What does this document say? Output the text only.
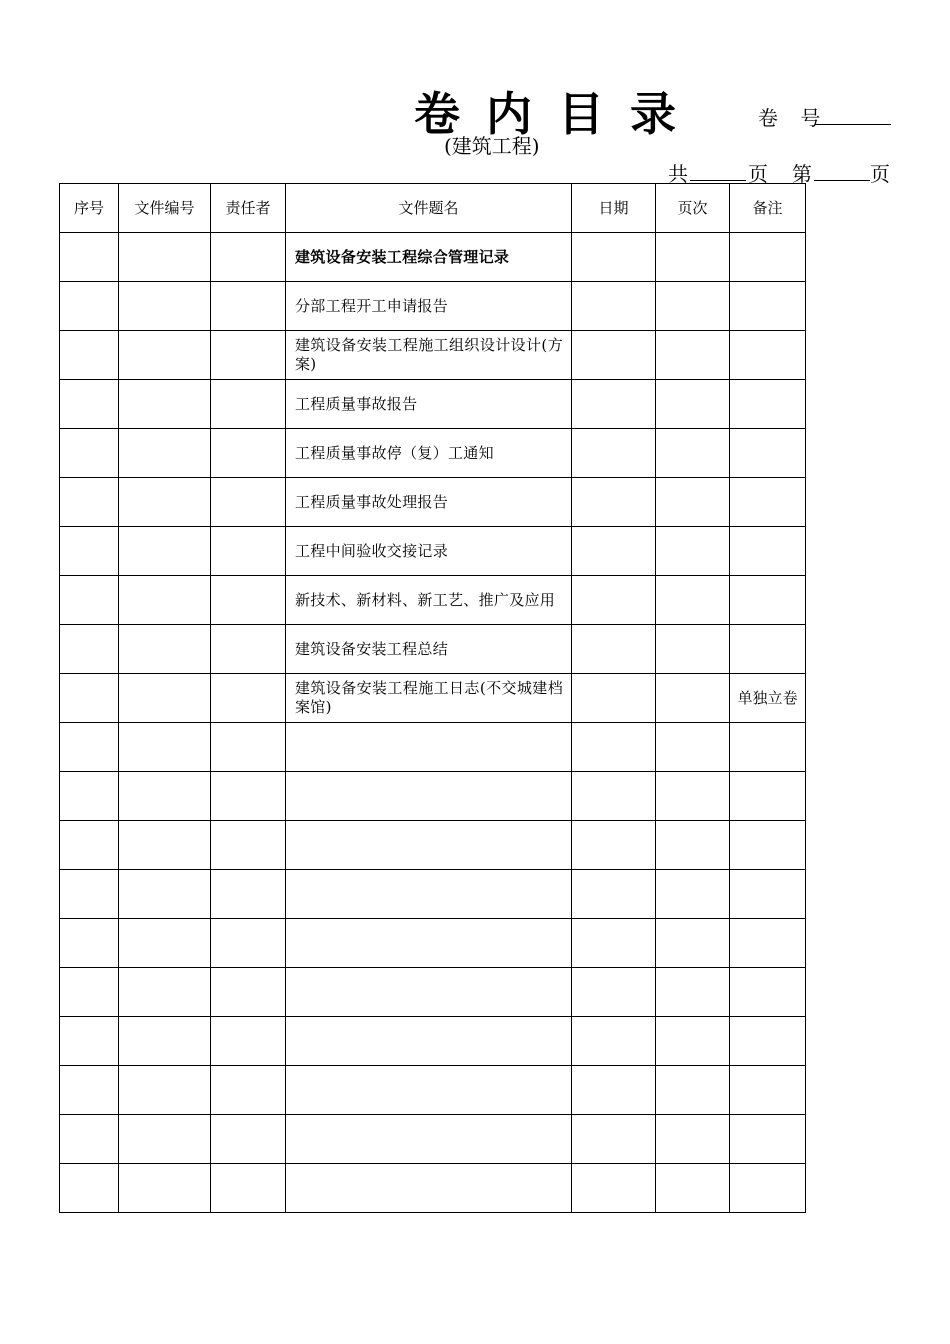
卷内目录	卷 号
(建筑工程)
共	页 第	页
序号	文件编号	责任者	文件题名	日期	页次	备注
			建筑设备安装工程综合管理记录			
			分部工程开工申请报告			
			建筑设备安装工程施工组织设计设计(方案)			
			工程质量事故报告			
			工程质量事故停（复）工通知			
			工程质量事故处理报告			
			工程中间验收交接记录			
			新技术、新材料、新工艺、推广及应用			
			建筑设备安装工程总结			
			建筑设备安装工程施工日志(不交城建档案馆)			单独立卷
